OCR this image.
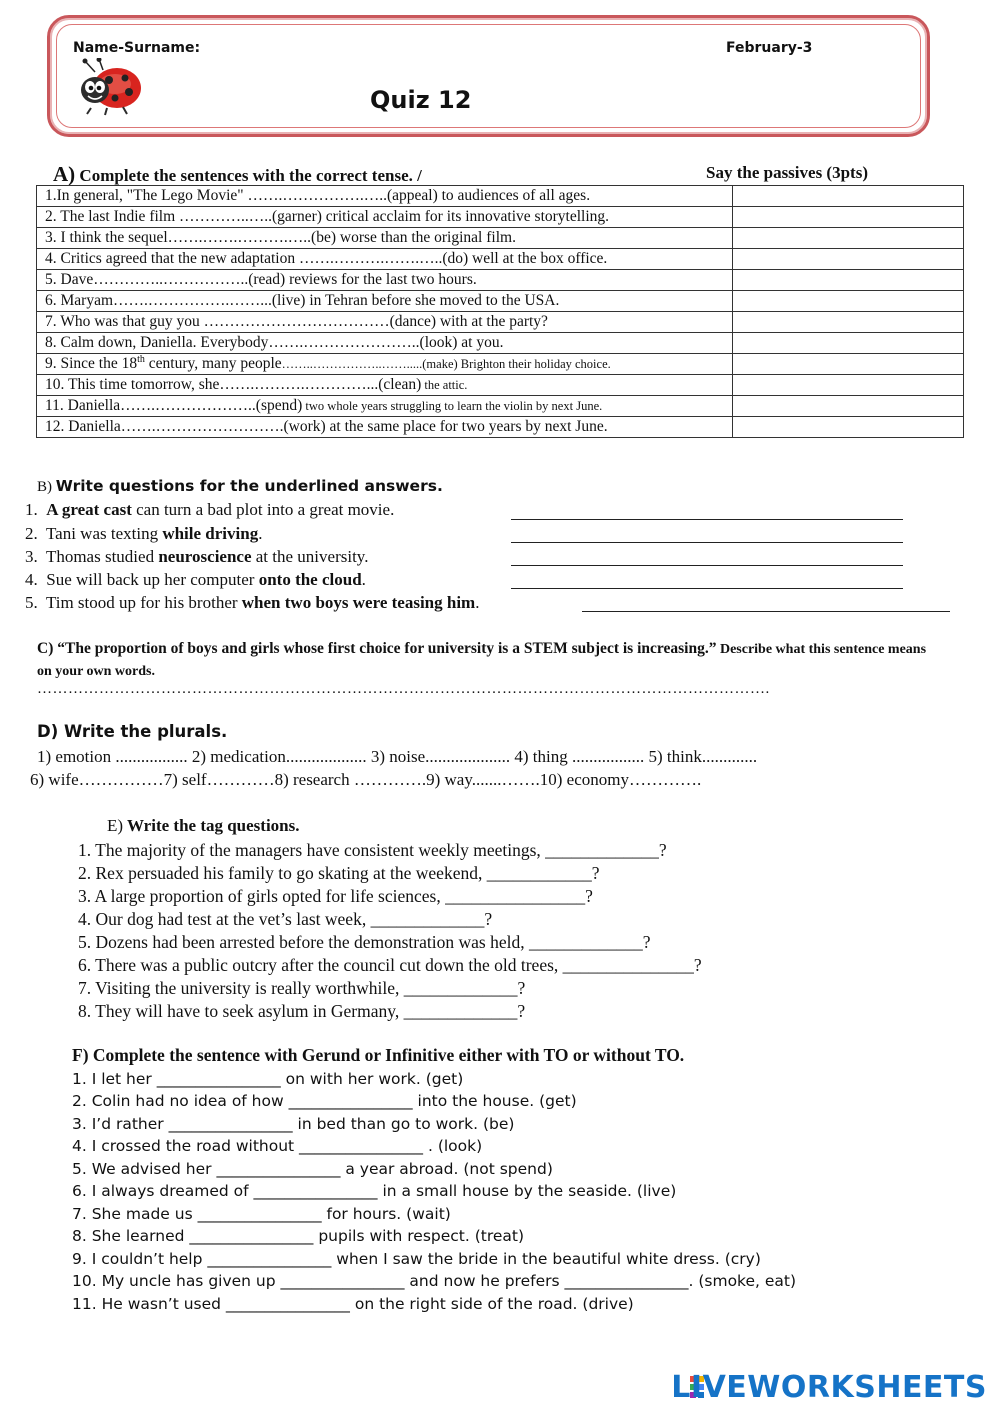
Name-Surname:	February-3
Quiz 12
A) Complete the sentences with the correct tense. /	Say the passives (3pts)
1.In general, "The Lego Movie" …….…………….…..(appeal) to audiences of all ages.	
2. The last Indie film …………..…..(garner) critical acclaim for its innovative storytelling.	
3. I think the sequel…….…….……….…..(be) worse than the original film.	
4. Critics agreed that the new adaptation …….……….…….…..(do) well at the box office.	
5. Dave…………..……………..(read) reviews for the last two hours.	
6. Maryam…….…………….……...(live) in Tehran before she moved to the USA.	
7. Who was that guy you ………………………………(dance) with at the party?	
8. Calm down, Daniella. Everybody…….…………………..(look) at you.	
9. Since the 18th century, many people……..……………..…….....(make) Brighton their holiday choice.	
10. This time tomorrow, she…….……….…………...(clean) the attic.	
11. Daniella…….………………..(spend) two whole years struggling to learn the violin by next June.	
12. Daniella…….…………………….(work) at the same place for two years by next June.	
B) Write questions for the underlined answers.
1. A great cast can turn a bad plot into a great movie.
2. Tani was texting while driving.
3. Thomas studied neuroscience at the university.
4. Sue will back up her computer onto the cloud.
5. Tim stood up for his brother when two boys were teasing him.
C) “The proportion of boys and girls whose first choice for university is a STEM subject is increasing.” Describe what this sentence means on your own words.
…………………………………………………………………………………………………………………………….
D) Write the plurals.
1) emotion ................. 2) medication................... 3) noise.................... 4) thing ................. 5) think.............
6) wife……………7) self…………8) research ………….9) way.......…….10) economy………….
E) Write the tag questions.
1. The majority of the managers have consistent weekly meetings, _____________?
2. Rex persuaded his family to go skating at the weekend, ____________?
3. A large proportion of girls opted for life sciences, ________________?
4. Our dog had test at the vet’s last week, _____________?
5. Dozens had been arrested before the demonstration was held, _____________?
6. There was a public outcry after the council cut down the old trees, _______________?
7. Visiting the university is really worthwhile, _____________?
8. They will have to seek asylum in Germany, _____________?
F) Complete the sentence with Gerund or Infinitive either with TO or without TO.
1. I let her ________________ on with her work. (get)
2. Colin had no idea of how ________________ into the house. (get)
3. I’d rather ________________ in bed than go to work. (be)
4. I crossed the road without ________________ . (look)
5. We advised her ________________ a year abroad. (not spend)
6. I always dreamed of ________________ in a small house by the seaside. (live)
7. She made us ________________ for hours. (wait)
8. She learned ________________ pupils with respect. (treat)
9. I couldn’t help ________________ when I saw the bride in the beautiful white dress. (cry)
10. My uncle has given up ________________ and now he prefers ________________. (smoke, eat)
11. He wasn’t used ________________ on the right side of the road. (drive)
LIVEWORKSHEETS
